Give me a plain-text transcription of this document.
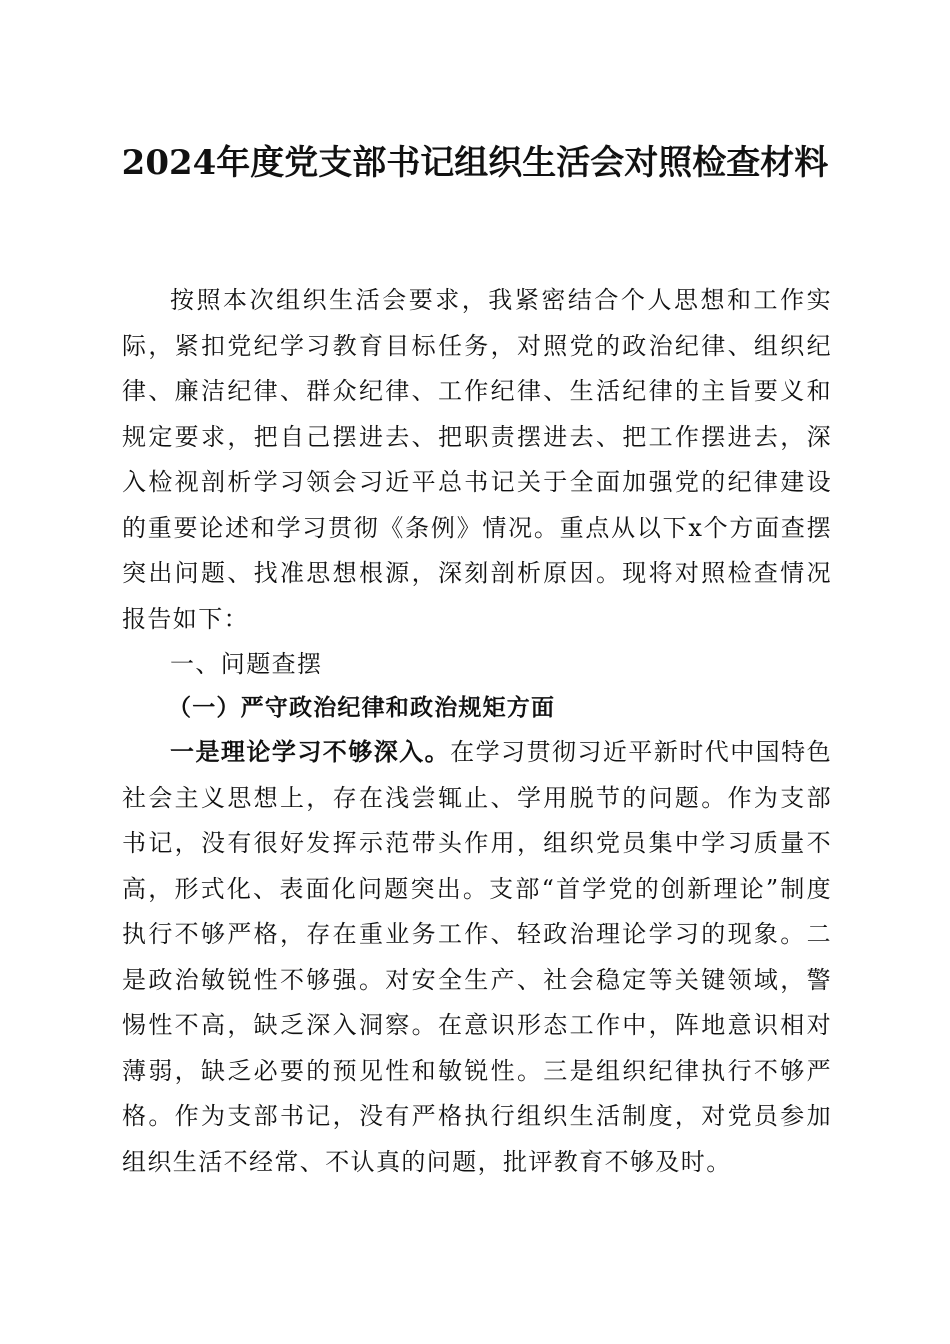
2024年度党支部书记组织生活会对照检查材料

按照本次组织生活会要求，我紧密结合个人思想和工作实际，紧扣党纪学习教育目标任务，对照党的政治纪律、组织纪律、廉洁纪律、群众纪律、工作纪律、生活纪律的主旨要义和规定要求，把自己摆进去、把职责摆进去、把工作摆进去，深入检视剖析学习领会习近平总书记关于全面加强党的纪律建设的重要论述和学习贯彻《条例》情况。重点从以下x个方面查摆突出问题、找准思想根源，深刻剖析原因。现将对照检查情况报告如下：

一、问题查摆

（一）严守政治纪律和政治规矩方面

一是理论学习不够深入。在学习贯彻习近平新时代中国特色社会主义思想上，存在浅尝辄止、学用脱节的问题。作为支部书记，没有很好发挥示范带头作用，组织党员集中学习质量不高，形式化、表面化问题突出。支部“首学党的创新理论”制度执行不够严格，存在重业务工作、轻政治理论学习的现象。二是政治敏锐性不够强。对安全生产、社会稳定等关键领域，警惕性不高，缺乏深入洞察。在意识形态工作中，阵地意识相对薄弱，缺乏必要的预见性和敏锐性。三是组织纪律执行不够严格。作为支部书记，没有严格执行组织生活制度，对党员参加组织生活不经常、不认真的问题，批评教育不够及时。
